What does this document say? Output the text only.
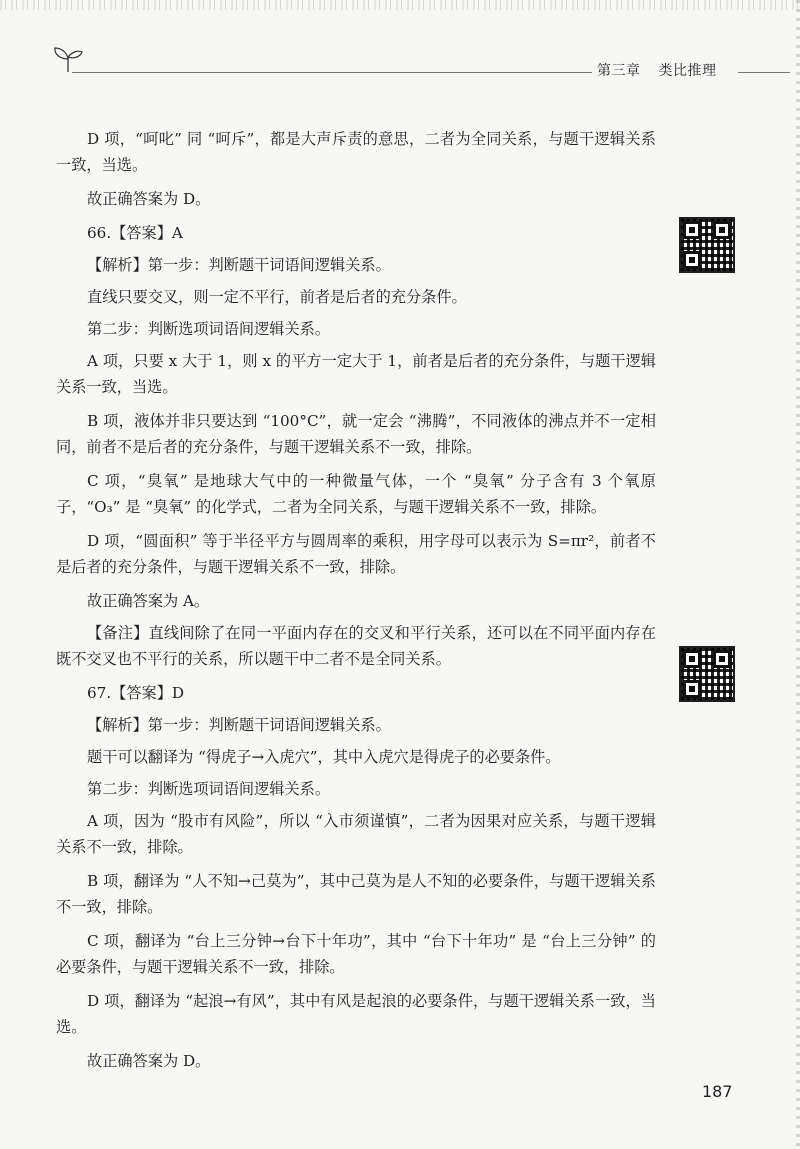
第三章 类比推理

D 项，“呵叱” 同 “呵斥”，都是大声斥责的意思，二者为全同关系，与题干逻辑关系一致，当选。

故正确答案为 D。

66.【答案】A

【解析】第一步：判断题干词语间逻辑关系。

直线只要交叉，则一定不平行，前者是后者的充分条件。

第二步：判断选项词语间逻辑关系。

A 项，只要 x 大于 1，则 x 的平方一定大于 1，前者是后者的充分条件，与题干逻辑关系一致，当选。

B 项，液体并非只要达到 “100°C”，就一定会 “沸腾”，不同液体的沸点并不一定相同，前者不是后者的充分条件，与题干逻辑关系不一致，排除。

C 项，“臭氧” 是地球大气中的一种微量气体，一个 “臭氧” 分子含有 3 个氧原子，“O₃” 是 “臭氧” 的化学式，二者为全同关系，与题干逻辑关系不一致，排除。

D 项，“圆面积” 等于半径平方与圆周率的乘积，用字母可以表示为 S=πr²，前者不是后者的充分条件，与题干逻辑关系不一致，排除。

故正确答案为 A。

【备注】直线间除了在同一平面内存在的交叉和平行关系，还可以在不同平面内存在既不交叉也不平行的关系，所以题干中二者不是全同关系。

67.【答案】D

【解析】第一步：判断题干词语间逻辑关系。

题干可以翻译为 “得虎子→入虎穴”，其中入虎穴是得虎子的必要条件。

第二步：判断选项词语间逻辑关系。

A 项，因为 “股市有风险”，所以 “入市须谨慎”，二者为因果对应关系，与题干逻辑关系不一致，排除。

B 项，翻译为 “人不知→己莫为”，其中己莫为是人不知的必要条件，与题干逻辑关系不一致，排除。

C 项，翻译为 “台上三分钟→台下十年功”，其中 “台下十年功” 是 “台上三分钟” 的必要条件，与题干逻辑关系不一致，排除。

D 项，翻译为 “起浪→有风”，其中有风是起浪的必要条件，与题干逻辑关系一致，当选。

故正确答案为 D。

187
